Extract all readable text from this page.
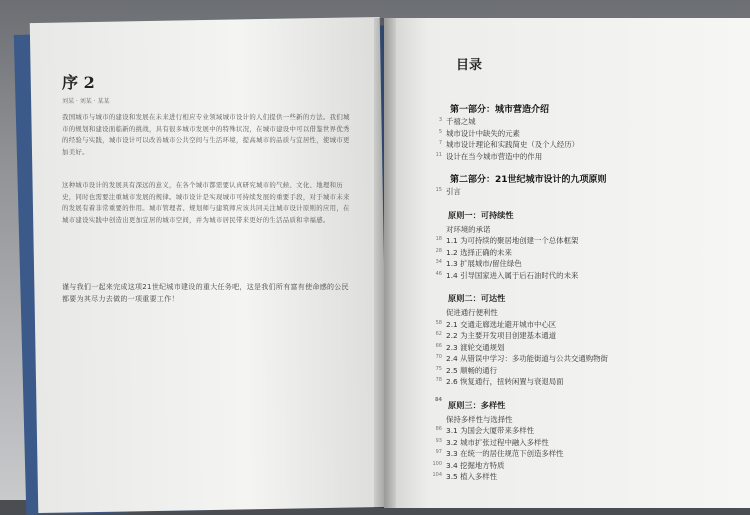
序 2
刘某 · 刘某 · 某某
我国城市与城市的建设和发展在未来进行相应专业领域城市设计的人们提供一些新的方法。我们城市的规划和建设面临新的挑战，具有很多城市发展中的特殊状况，在城市建设中可以借鉴世界优秀的经验与实践，城市设计可以改善城市公共空间与生活环境，提高城市的品质与宜居性，使城市更加美好。
这种城市设计的发展具有深远的意义，在各个城市都需要认真研究城市的气候、文化、地理和历史，同时也需要注重城市发展的规律。城市设计是实现城市可持续发展的重要手段，对于城市未来的发展有着非常重要的作用。城市管理者、规划师与建筑师应该共同关注城市设计原则的应用，在城市建设实践中创造出更加宜居的城市空间，并为城市居民带来更好的生活品质和幸福感。
谨与我们一起来完成这项21世纪城市建设的重大任务吧，这是我们所有富有使命感的公民都要为其尽力去做的一项重要工作！
目录
第一部分：城市营造介绍
3 千禧之城
5 城市设计中缺失的元素
7 城市设计理论和实践简史（及个人经历）
11 设计在当今城市营造中的作用
第二部分：21世纪城市设计的九项原则
15 引言
原则一：可持续性
对环境的承诺
18 1.1 为可持续的聚居地创建一个总体框架
28 1.2 选择正确的未来
34 1.3 扩展城市/留住绿色
46 1.4 引导国家进入属于后石油时代的未来
原则二：可达性
促进通行便利性
58 2.1 交通走廊选址避开城市中心区
62 2.2 为主要开发项目创建基本通道
66 2.3 渡轮交通规划
70 2.4 从错误中学习：多功能街道与公共交通购物街
75 2.5 顺畅的通行
78 2.6 恢复通行，扭转闲置与衰退局面
84 原则三：多样性
保持多样性与选择性
86 3.1 为国会大厦带来多样性
93 3.2 城市扩张过程中融入多样性
97 3.3 在统一的居住规范下创造多样性
100 3.4 挖掘地方特质
104 3.5 植入多样性
